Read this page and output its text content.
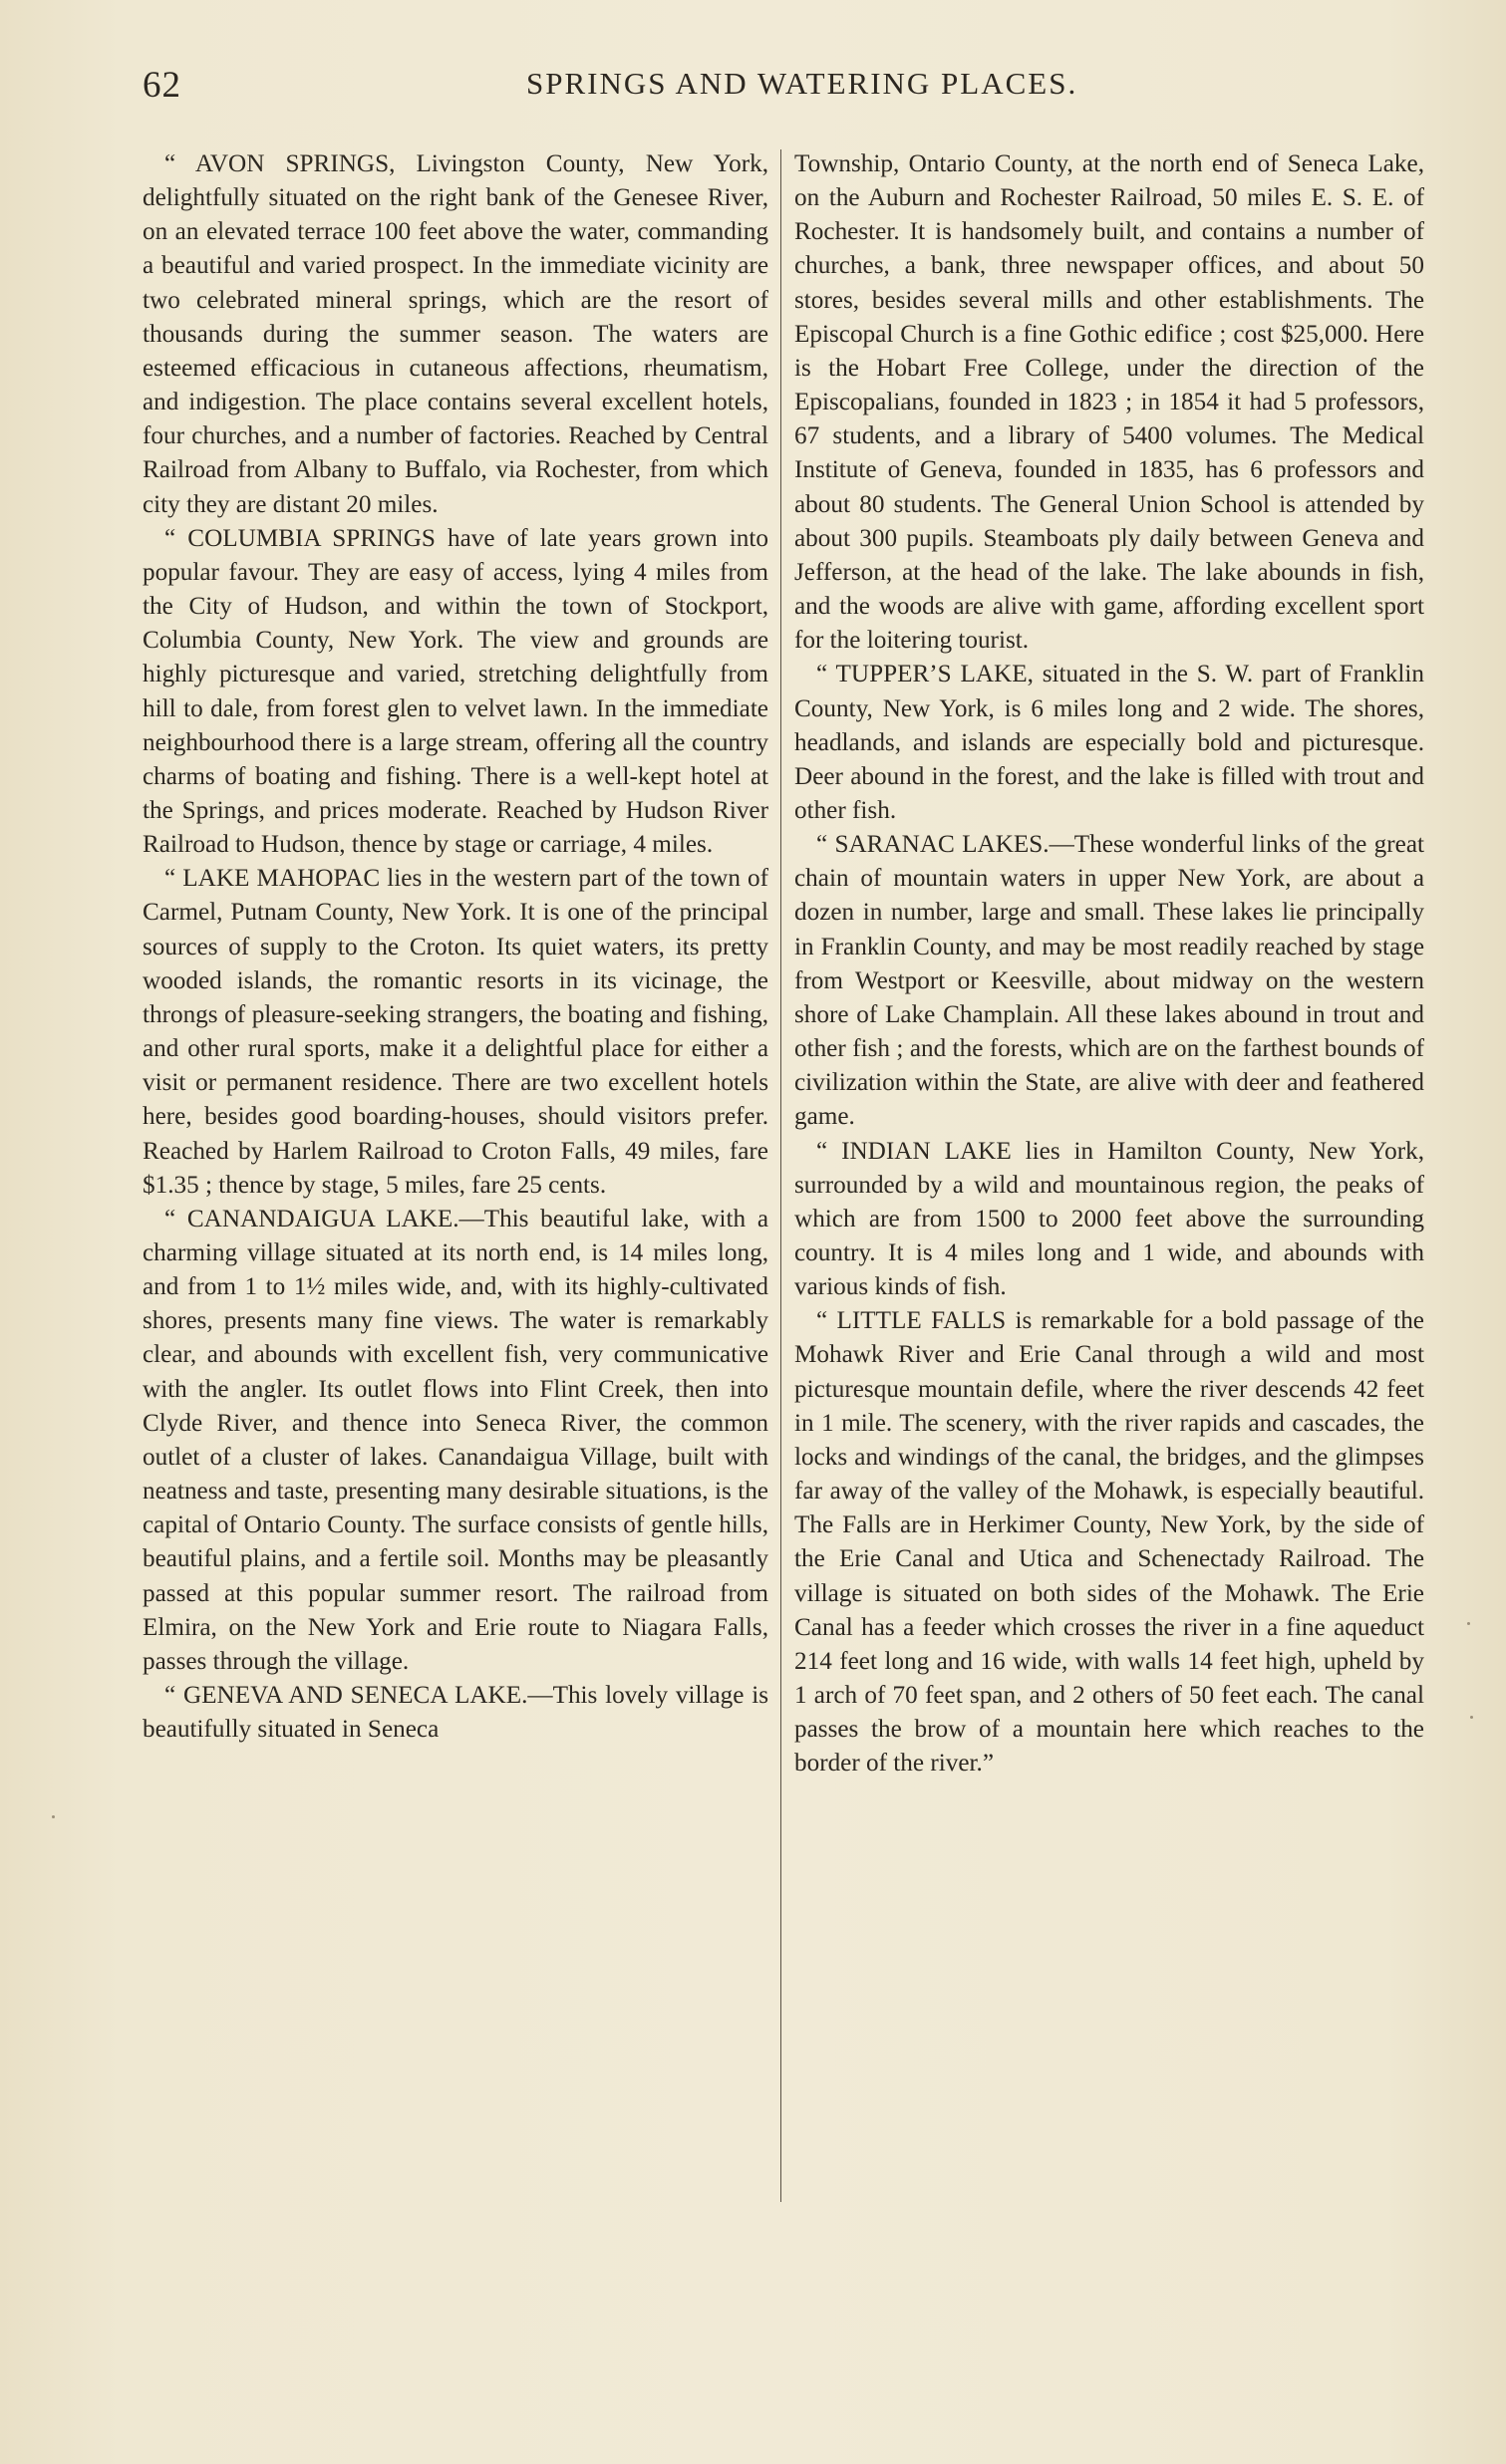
62	SPRINGS AND WATERING PLACES.

“ AVON SPRINGS, Livingston County, New York, delightfully situated on the right bank of the Genesee River, on an elevated terrace 100 feet above the water, commanding a beautiful and varied prospect. In the immediate vicinity are two celebrated mineral springs, which are the resort of thousands during the summer season. The waters are esteemed efficacious in cutaneous affections, rheumatism, and indigestion. The place contains several excellent hotels, four churches, and a number of factories. Reached by Central Railroad from Albany to Buffalo, via Rochester, from which city they are distant 20 miles.

“ COLUMBIA SPRINGS have of late years grown into popular favour. They are easy of access, lying 4 miles from the City of Hudson, and within the town of Stockport, Columbia County, New York. The view and grounds are highly picturesque and varied, stretching delightfully from hill to dale, from forest glen to velvet lawn. In the immediate neighbourhood there is a large stream, offering all the country charms of boating and fishing. There is a well-kept hotel at the Springs, and prices moderate. Reached by Hudson River Railroad to Hudson, thence by stage or carriage, 4 miles.

“ LAKE MAHOPAC lies in the western part of the town of Carmel, Putnam County, New York. It is one of the principal sources of supply to the Croton. Its quiet waters, its pretty wooded islands, the romantic resorts in its vicinage, the throngs of pleasure-seeking strangers, the boating and fishing, and other rural sports, make it a delightful place for either a visit or permanent residence. There are two excellent hotels here, besides good boarding-houses, should visitors prefer. Reached by Harlem Railroad to Croton Falls, 49 miles, fare $1.35 ; thence by stage, 5 miles, fare 25 cents.

“ CANANDAIGUA LAKE.—This beautiful lake, with a charming village situated at its north end, is 14 miles long, and from 1 to 1½ miles wide, and, with its highly-cultivated shores, presents many fine views. The water is remarkably clear, and abounds with excellent fish, very communicative with the angler. Its outlet flows into Flint Creek, then into Clyde River, and thence into Seneca River, the common outlet of a cluster of lakes. Canandaigua Village, built with neatness and taste, presenting many desirable situations, is the capital of Ontario County. The surface consists of gentle hills, beautiful plains, and a fertile soil. Months may be pleasantly passed at this popular summer resort. The railroad from Elmira, on the New York and Erie route to Niagara Falls, passes through the village.

“ GENEVA AND SENECA LAKE.—This lovely village is beautifully situated in Seneca

Township, Ontario County, at the north end of Seneca Lake, on the Auburn and Rochester Railroad, 50 miles E. S. E. of Rochester. It is handsomely built, and contains a number of churches, a bank, three newspaper offices, and about 50 stores, besides several mills and other establishments. The Episcopal Church is a fine Gothic edifice ; cost $25,000. Here is the Hobart Free College, under the direction of the Episcopalians, founded in 1823 ; in 1854 it had 5 professors, 67 students, and a library of 5400 volumes. The Medical Institute of Geneva, founded in 1835, has 6 professors and about 80 students. The General Union School is attended by about 300 pupils. Steamboats ply daily between Geneva and Jefferson, at the head of the lake. The lake abounds in fish, and the woods are alive with game, affording excellent sport for the loitering tourist.

“ TUPPER’S LAKE, situated in the S. W. part of Franklin County, New York, is 6 miles long and 2 wide. The shores, headlands, and islands are especially bold and picturesque. Deer abound in the forest, and the lake is filled with trout and other fish.

“ SARANAC LAKES.—These wonderful links of the great chain of mountain waters in upper New York, are about a dozen in number, large and small. These lakes lie principally in Franklin County, and may be most readily reached by stage from Westport or Keesville, about midway on the western shore of Lake Champlain. All these lakes abound in trout and other fish ; and the forests, which are on the farthest bounds of civilization within the State, are alive with deer and feathered game.

“ INDIAN LAKE lies in Hamilton County, New York, surrounded by a wild and mountainous region, the peaks of which are from 1500 to 2000 feet above the surrounding country. It is 4 miles long and 1 wide, and abounds with various kinds of fish.

“ LITTLE FALLS is remarkable for a bold passage of the Mohawk River and Erie Canal through a wild and most picturesque mountain defile, where the river descends 42 feet in 1 mile. The scenery, with the river rapids and cascades, the locks and windings of the canal, the bridges, and the glimpses far away of the valley of the Mohawk, is especially beautiful. The Falls are in Herkimer County, New York, by the side of the Erie Canal and Utica and Schenectady Railroad. The village is situated on both sides of the Mohawk. The Erie Canal has a feeder which crosses the river in a fine aqueduct 214 feet long and 16 wide, with walls 14 feet high, upheld by 1 arch of 70 feet span, and 2 others of 50 feet each. The canal passes the brow of a mountain here which reaches to the border of the river.”
